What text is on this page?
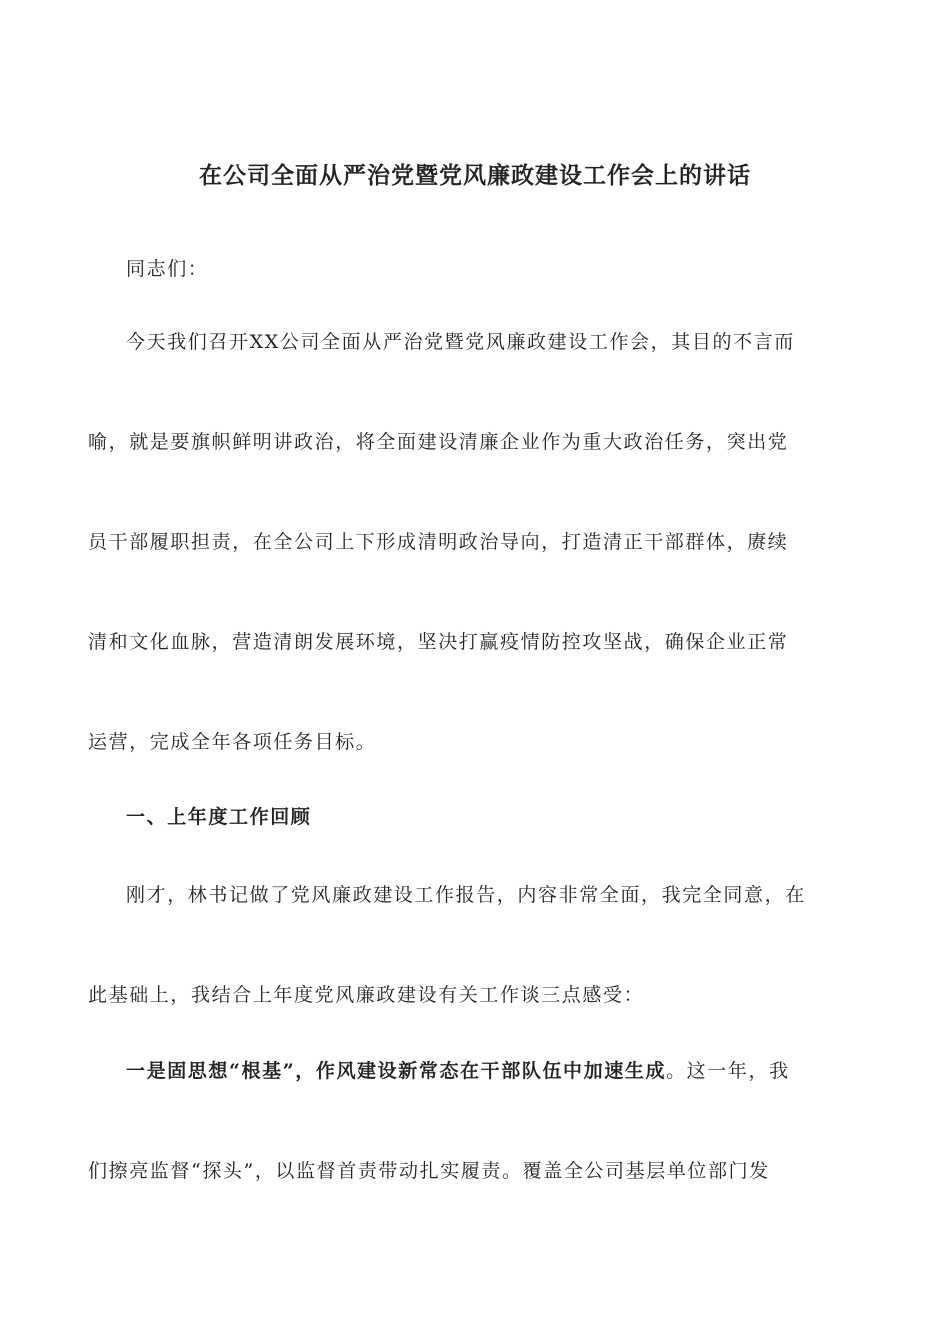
在公司全面从严治党暨党风廉政建设工作会上的讲话

同志们：

今天我们召开XX公司全面从严治党暨党风廉政建设工作会，其目的不言而

喻，就是要旗帜鲜明讲政治，将全面建设清廉企业作为重大政治任务，突出党

员干部履职担责，在全公司上下形成清明政治导向，打造清正干部群体，赓续

清和文化血脉，营造清朗发展环境，坚决打赢疫情防控攻坚战，确保企业正常

运营，完成全年各项任务目标。

一、上年度工作回顾

刚才，林书记做了党风廉政建设工作报告，内容非常全面，我完全同意，在

此基础上，我结合上年度党风廉政建设有关工作谈三点感受：

一是固思想“根基”，作风建设新常态在干部队伍中加速生成。这一年，我

们擦亮监督“探头”，以监督首责带动扎实履责。覆盖全公司基层单位部门发
